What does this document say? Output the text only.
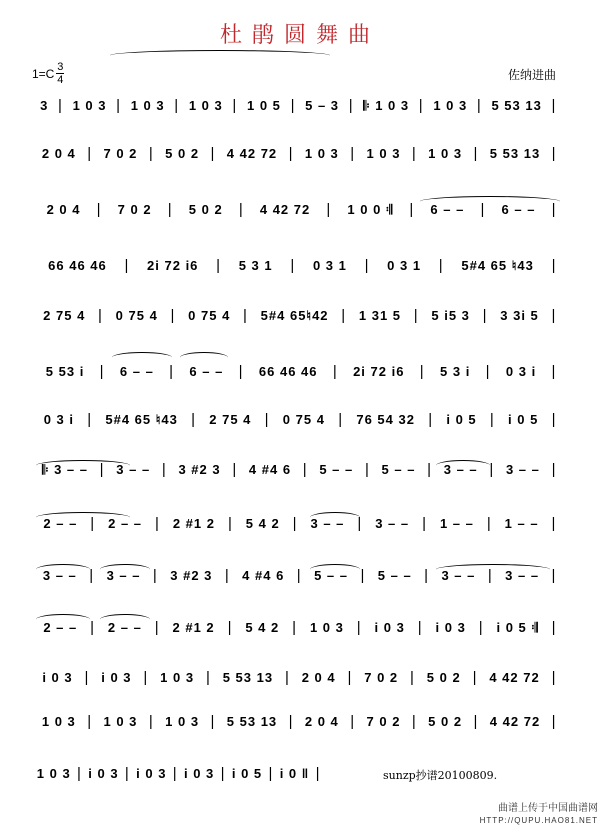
杜鹃圆舞曲
$1=C \frac{3}{4}$	佐纳进曲
3 | 1 0 3 | 1 0 3 | 1 0 3 | 1 0 5 | 5 – 3 | 𝄆 1 0 3 | 1 0 3 | 5 53 13 |
2 0 4 | 7 0 2 | 5 0 2 | 4 42 72 | 1 0 3 | 1 0 3 | 1 0 3 | 5 53 13 |
2 0 4	|	7 0 2	|	5 0 2	|	4 42 72	|	1 0 0 𝄇	|	6 – –	|	6 – –	|
66 46 46	|	2i 72 i6	|	5 3 1	|	0 3 1	|	0 3 1	|	5#4 65 ♮43	|
2 75 4 | 0 75 4 | 0 75 4 | 5#4 65♮42 | 1 31 5 | 5 i5 3 | 3 3i 5 |
5 53 i	|	6 – –	|	6 – –	|	66 46 46	|	2i 72 i6	|	5 3 i	|	0 3 i	|
0 3 i |	5#4 65 ♮43 |	2 75 4 |	0 75 4 |	76 54 32 |	i 0 5 |	i 0 5 |
𝄆 3 – – | 3 – – | 3 #2 3 | 4 #4 6 | 5 – – | 5 – – | 3 – – | 3 – – |
2 – – | 2 – – | 2 #1 2 | 5 4 2 | 3 – – | 3 – – | 1 – – | 1 – – |
3 – – | 3 – – | 3 #2 3 | 4 #4 6 | 5 – – | 5 – – | 3 – – | 3 – – |
2 – – | 2 – – | 2 #1 2 | 5 4 2 | 1 0 3 | i 0 3 | i 0 3 | i 0 5 𝄇 |
i 0 3 | i 0 3 | 1 0 3 | 5 53 13 | 2 0 4 | 7 0 2 | 5 0 2 | 4 42 72 |
1 0 3 | 1 0 3 | 1 0 3 | 5 53 13 | 2 0 4 | 7 0 2 | 5 0 2 | 4 42 72 |
1 0 3 | i 0 3 | i 0 3 | i 0 3 | i 0 5 | i 0 ‖ |	sunzp抄谱20100809.
曲谱上传于中国曲谱网
HTTP://QUPU.HAO81.NET
